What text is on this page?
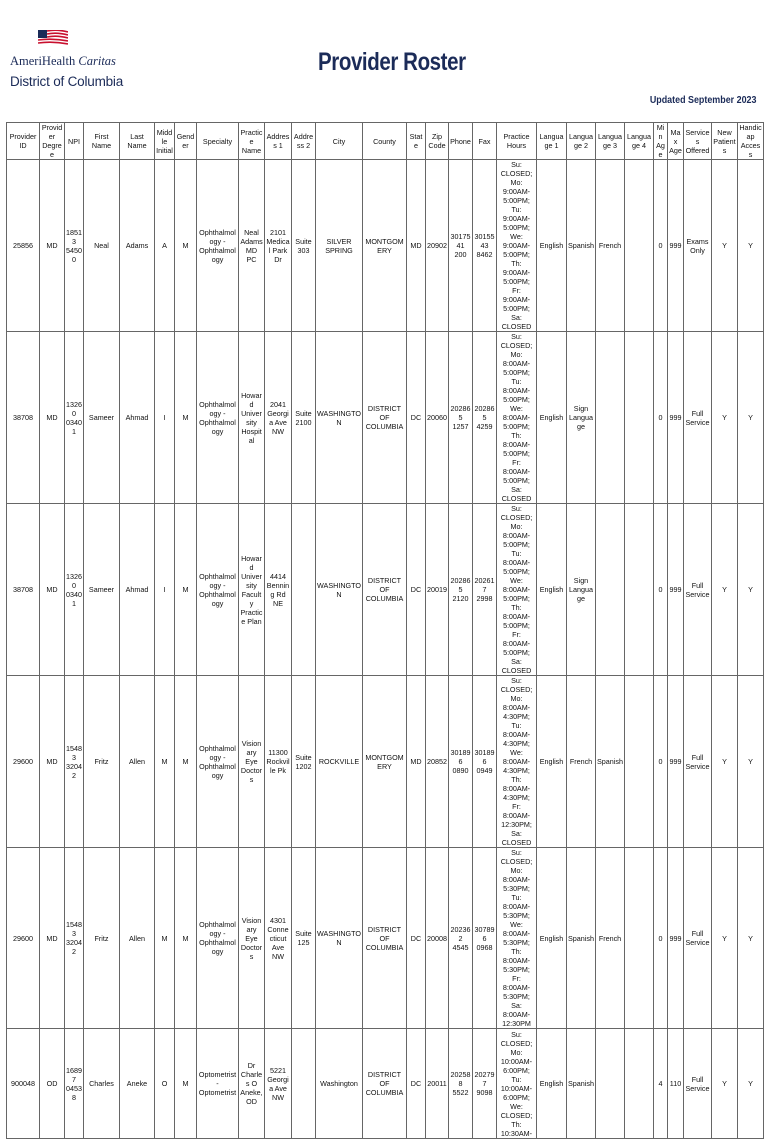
AmeriHealth Caritas
District of Columbia
Provider Roster
Updated September 2023
Provider ID	Provider Degree	NPI	First Name	Last Name	Middle Initial	Gender	Specialty	Practice Name	Address 1	Address 2	City	County	State	Zip Code	Phone	Fax	Practice Hours	Language 1	Language 2	Language 3	Language 4	Min Age	Max Age	Services Offered	New Patients	Handicap Access
25856	MD	18513 5450 0	Neal	Adams	A	M	Ophthalmology - Ophthalmology	Neal Adams MD PC	2101 Medical Park Dr	Suite 303	SILVER SPRING	MONTGOMERY	MD	20902	3017541 200	3015543 8462	Su: CLOSED; Mo: 9:00AM-5:00PM; Tu: 9:00AM-5:00PM; We: 9:00AM-5:00PM; Th: 9:00AM-5:00PM; Fr: 9:00AM-5:00PM; Sa: CLOSED	English	Spanish	French		0	999	Exams Only	Y	Y
38708	MD	13260 03401	Sameer	Ahmad	I	M	Ophthalmology - Ophthalmology	Howard University Hospital	2041 Georgia Ave NW	Suite 2100	WASHINGTON	DISTRICT OF COLUMBIA	DC	20060	202865 1257	202865 4259	Su: CLOSED; Mo: 8:00AM-5:00PM; Tu: 8:00AM-5:00PM; We: 8:00AM-5:00PM; Th: 8:00AM-5:00PM; Fr: 8:00AM-5:00PM; Sa: CLOSED	English	Sign Language			0	999	Full Service	Y	Y
38708	MD	13260 03401	Sameer	Ahmad	I	M	Ophthalmology - Ophthalmology	Howard University Faculty Practice Plan	4414 Benning Rd NE		WASHINGTON	DISTRICT OF COLUMBIA	DC	20019	202865 2120	202617 2998	Su: CLOSED; Mo: 8:00AM-5:00PM; Tu: 8:00AM-5:00PM; We: 8:00AM-5:00PM; Th: 8:00AM-5:00PM; Fr: 8:00AM-5:00PM; Sa: CLOSED	English	Sign Language			0	999	Full Service	Y	Y
29600	MD	15483 32042	Fritz	Allen	M	M	Ophthalmology - Ophthalmology	Visionary Eye Doctors	11300 Rockville Pk	Suite 1202	ROCKVILLE	MONTGOMERY	MD	20852	301896 0890	301896 0949	Su: CLOSED; Mo: 8:00AM-4:30PM; Tu: 8:00AM-4:30PM; We: 8:00AM-4:30PM; Th: 8:00AM-4:30PM; Fr: 8:00AM-12:30PM; Sa: CLOSED	English	French	Spanish		0	999	Full Service	Y	Y
29600	MD	15483 32042	Fritz	Allen	M	M	Ophthalmology - Ophthalmology	Visionary Eye Doctors	4301 Connecticut Ave NW	Suite 125	WASHINGTON	DISTRICT OF COLUMBIA	DC	20008	202362 4545	307896 0968	Su: CLOSED; Mo: 8:00AM-5:30PM; Tu: 8:00AM-5:30PM; We: 8:00AM-5:30PM; Th: 8:00AM-5:30PM; Fr: 8:00AM-5:30PM; Sa: 8:00AM-12:30PM	English	Spanish	French		0	999	Full Service	Y	Y
900048	OD	16897 04538	Charles	Aneke	O	M	Optometrist - Optometrist	Dr Charles O Aneke, OD	5221 Georgia Ave NW		Washington	DISTRICT OF COLUMBIA	DC	20011	202588 5522	202797 9098	Su: CLOSED; Mo: 10:00AM-6:00PM; Tu: 10:00AM-6:00PM; We: CLOSED; Th: 10:30AM-	English	Spanish			4	110	Full Service	Y	Y
